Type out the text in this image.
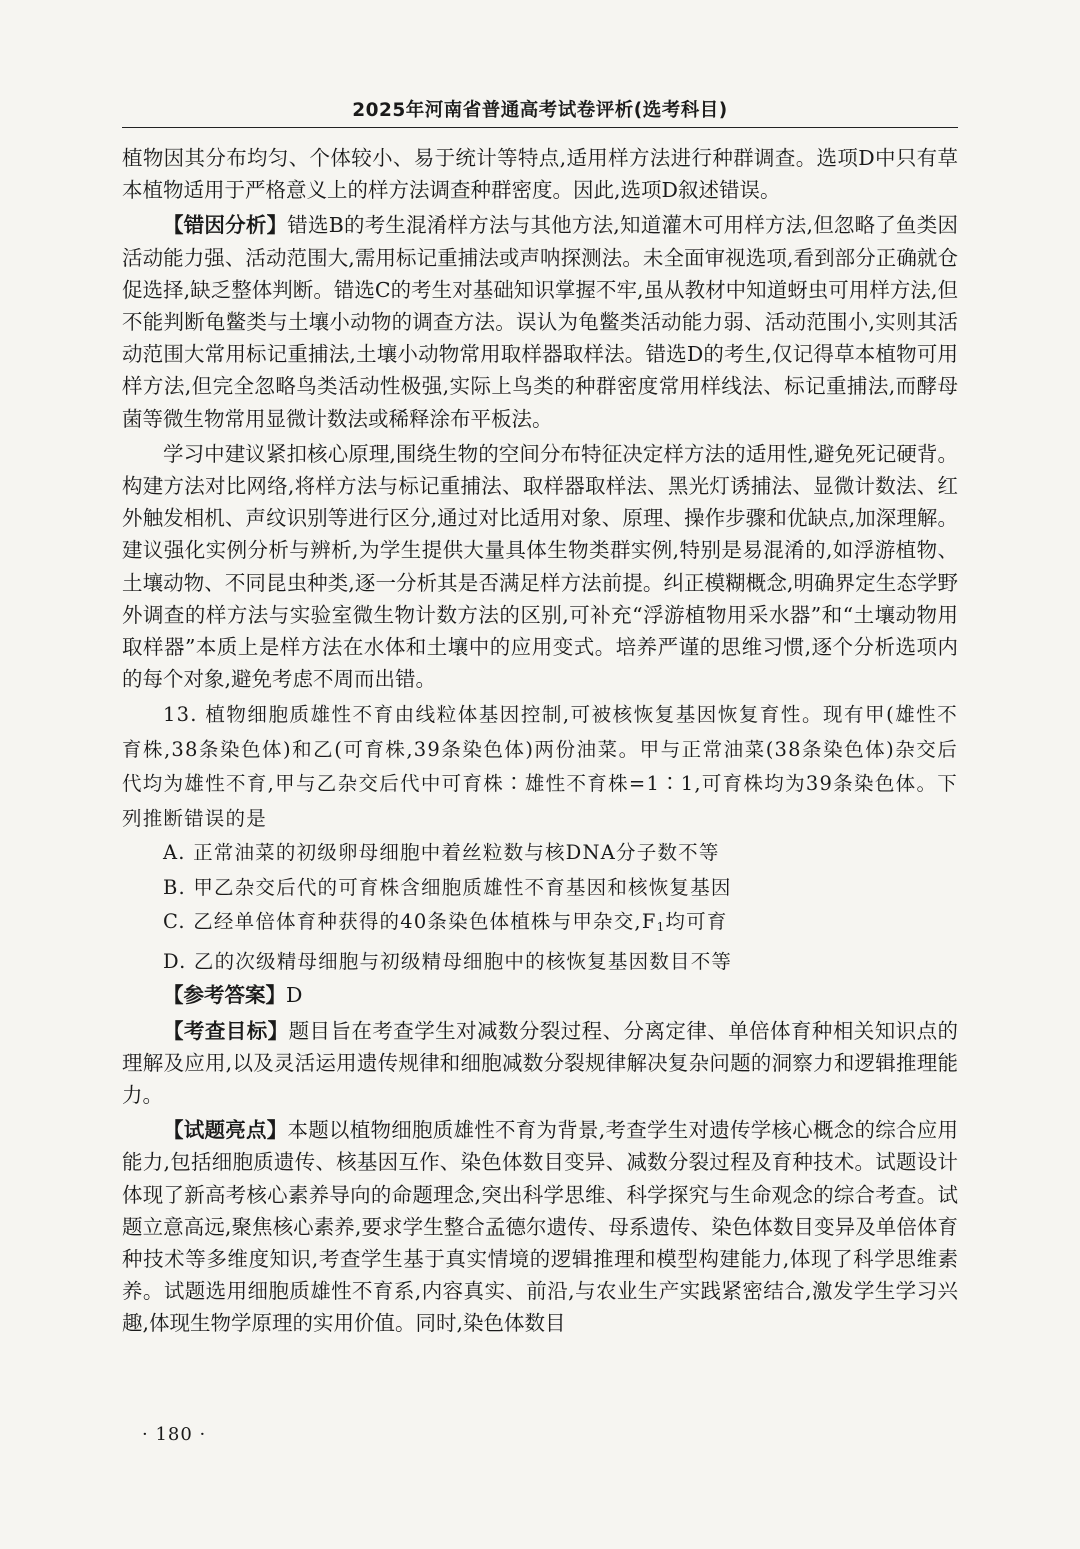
2025年河南省普通高考试卷评析(选考科目)

植物因其分布均匀、个体较小、易于统计等特点,适用样方法进行种群调查。选项D中只有草本植物适用于严格意义上的样方法调查种群密度。因此,选项D叙述错误。

【错因分析】错选B的考生混淆样方法与其他方法,知道灌木可用样方法,但忽略了鱼类因活动能力强、活动范围大,需用标记重捕法或声呐探测法。未全面审视选项,看到部分正确就仓促选择,缺乏整体判断。错选C的考生对基础知识掌握不牢,虽从教材中知道蚜虫可用样方法,但不能判断龟鳖类与土壤小动物的调查方法。误认为龟鳖类活动能力弱、活动范围小,实则其活动范围大常用标记重捕法,土壤小动物常用取样器取样法。错选D的考生,仅记得草本植物可用样方法,但完全忽略鸟类活动性极强,实际上鸟类的种群密度常用样线法、标记重捕法,而酵母菌等微生物常用显微计数法或稀释涂布平板法。

学习中建议紧扣核心原理,围绕生物的空间分布特征决定样方法的适用性,避免死记硬背。构建方法对比网络,将样方法与标记重捕法、取样器取样法、黑光灯诱捕法、显微计数法、红外触发相机、声纹识别等进行区分,通过对比适用对象、原理、操作步骤和优缺点,加深理解。建议强化实例分析与辨析,为学生提供大量具体生物类群实例,特别是易混淆的,如浮游植物、土壤动物、不同昆虫种类,逐一分析其是否满足样方法前提。纠正模糊概念,明确界定生态学野外调查的样方法与实验室微生物计数方法的区别,可补充“浮游植物用采水器”和“土壤动物用取样器”本质上是样方法在水体和土壤中的应用变式。培养严谨的思维习惯,逐个分析选项内的每个对象,避免考虑不周而出错。

13. 植物细胞质雄性不育由线粒体基因控制,可被核恢复基因恢复育性。现有甲(雄性不育株,38条染色体)和乙(可育株,39条染色体)两份油菜。甲与正常油菜(38条染色体)杂交后代均为雄性不育,甲与乙杂交后代中可育株∶雄性不育株=1∶1,可育株均为39条染色体。下列推断错误的是

A. 正常油菜的初级卵母细胞中着丝粒数与核DNA分子数不等

B. 甲乙杂交后代的可育株含细胞质雄性不育基因和核恢复基因

C. 乙经单倍体育种获得的40条染色体植株与甲杂交$,F_1$均可育

D. 乙的次级精母细胞与初级精母细胞中的核恢复基因数目不等

【参考答案】D

【考查目标】题目旨在考查学生对减数分裂过程、分离定律、单倍体育种相关知识点的理解及应用,以及灵活运用遗传规律和细胞减数分裂规律解决复杂问题的洞察力和逻辑推理能力。

【试题亮点】本题以植物细胞质雄性不育为背景,考查学生对遗传学核心概念的综合应用能力,包括细胞质遗传、核基因互作、染色体数目变异、减数分裂过程及育种技术。试题设计体现了新高考核心素养导向的命题理念,突出科学思维、科学探究与生命观念的综合考查。试题立意高远,聚焦核心素养,要求学生整合孟德尔遗传、母系遗传、染色体数目变异及单倍体育种技术等多维度知识,考查学生基于真实情境的逻辑推理和模型构建能力,体现了科学思维素养。试题选用细胞质雄性不育系,内容真实、前沿,与农业生产实践紧密结合,激发学生学习兴趣,体现生物学原理的实用价值。同时,染色体数目

· 180 ·
